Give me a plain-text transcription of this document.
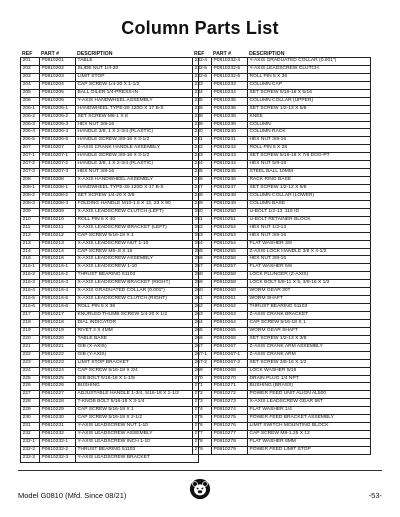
Column Parts List
REF	PART #	DESCRIPTION
201	P0810201	TABLE
202	P0810202	SLIDE NUT 1/4-20
203	P0810203	LIMIT STOP
204	P0810204	CAP SCREW 1/4-20 X 1-1/2
205	P0810205	BALL OILER 1/4-PRESS-IN
206	P0810206	Y-AXIS HANDWHEEL ASSEMBLY
206-1	P0810206-1	HANDWHEEL TYPE-26 120D X 17 B-S
206-2	P0810206-2	SET SCREW M6-1 X 8
206-3	P0810206-3	HEX NUT 3/8-16
206-4	P0810206-4	HANDLE 3/8, 1 X 2-3/4 (PLASTIC)
206-5	P0810206-5	HANDLE SCREW 3/8-16 X 3-1/2
207	P0810207	Z-AXIS CRANK HANDLE ASSEMBLY
207-1	P0810207-1	HANDLE SCREW 3/8-16 X 3-1/2
207-2	P0810207-2	HANDLE 3/8, 1 X 2-3/4 (PLASTIC)
207-3	P0810207-3	HEX NUT 3/8-16
208	P0810208	X-AXIS HANDWHEEL ASSEMBLY
208-1	P0810208-1	HANDWHEEL TYPE-26 120D X 17 B-S
208-2	P0810208-2	SET SCREW 1/4-20 X 3/8
208-3	P0810208-3	FOLDING HANDLE M10-1.5 X 12, 23 X 90
209	P0810209	X-AXIS LEADSCREW CLUTCH (LEFT)
210	P0810210	ROLL PIN 5 X 40
211	P0810211	X-AXIS LEADSCREW BRACKET (LEFT)
212	P0810212	CAP SCREW 5/16-18 X 1
213	P0810213	X-AXIS LEADSCREW NUT 1-10
214	P0810214	CAP SCREW M5-.8 X 16
216	P0810216	X-AXIS LEADSCREW ASSEMBLY
216-1	P0810216-1	X-AXIS LEADSCREW 1-10
216-2	P0810216-2	THRUST BEARING 51103
216-3	P0810216-3	X-AXIS LEADSCREW BRACKET (RIGHT)
216-4	P0810216-4	X-AXIS GRADUATED COLLAR (0.001")
216-5	P0810216-5	X-AXIS LEADSCREW CLUTCH (RIGHT)
216-6	P0810216-6	ROLL PIN 5 X 36
217	P0810217	KNURLED THUMB SCREW 1/4-20 X 1/2
218	P0810218	DIAL INDICATOR
219	P0810219	RIVET 2 X 4MM
220	P0810220	TABLE BASE
221	P0810221	GIB (X-AXIS)
222	P0810222	GIB (Y-AXIS)
223	P0810223	LIMIT STOP BRACKET
224	P0810224	CAP SCREW 5/16-18 X 3/4
225	P0810225	GIB BOLT 5/16-18 X 1-1/8
226	P0810226	BUSHING
227	P0810227	ADJUSTABLE HANDLE 1-3/4, 5/16-18 X 1-1/2
228	P0810228	T-KNOB BOLT 5/16-18 X 3-1/4
229	P0810229	CAP SCREW 5/16-18 X 1
230	P0810230	CAP SCREW 5/16-18 X 2-1/2
231	P0810231	Y-AXIS LEADSCREW NUT 1-10
232	P0810232	Y-AXIS LEADSCREW ASSEMBLY
232-1	P0810232-1	Y-AXIS LEADSCREW INCH 1-10
232-2	P0810232-2	THRUST BEARING 51103
232-3	P0810232-3	Y-AXIS LEADSCREW BRACKET
REF	PART #	DESCRIPTION
232-4	P0810232-4	Y-AXIS GRADUATED COLLAR (0.001")
232-5	P0810232-5	Y-AXIS LEADSCREW CLUTCH
232-6	P0810232-6	ROLL PIN 5 X 36
233	P0810233	COLUMN CAP
234	P0810234	SET SCREW 5/16-18 X 5/16
235	P0810235	COLUMN COLLAR (UPPER)
236	P0810236	SET SCREW 1/2-13 X 5/8
238	P0810238	KNEE
239	P0810239	COLUMN
240	P0810240	COLUMN RACK
241	P0810241	HEX NUT 3/8-16
242	P0810242	ROLL PIN 5 X 28
243	P0810243	SET SCREW 5/16-18 X 7/8 DOG-PT
244	P0810244	HEX NUT 5/8-18
245	P0810245	STEEL BALL 10MM
246	P0810246	RACK RING BASE
247	P0810247	SET SCREW 1/2-12 X 5/8
248	P0810248	COLUMN COLLAR (LOWER)
249	P0810249	COLUMN BASE
250	P0810250	U-BOLT 1/2-13, 116 ID
251	P0810251	U-BOLT RETAINER BLOCK
252	P0810252	HEX NUT 1/2-13
253	P0810253	HEX NUT 3/8-16
254	P0810254	FLAT WASHER 3/8
255	P0810255	Z-AXIS LOCK HANDLE 3/8 X 4-1/2
256	P0810256	HEX NUT 3/8-16
257	P0810257	FLAT WASHER 5/8
258	P0810258	LOCK PLUNGER (Z-AXIS)
259	P0810259	LOCK BOLT 5/8-11 X 5, 3/8-16 X 1/2
260	P0810260	WORM GEAR 30T
261	P0810261	WORM SHAFT
262	P0810262	THRUST BEARING 51103
263	P0810263	Z-AXIS CRANK BRACKET
264	P0810264	CAP SCREW 5/16-18 X 1
265	P0810265	WORM GEAR SHAFT
266	P0810266	SET SCREW 1/2-13 X 3/8
267	P0810267	Z-AXIS CRANK ARM ASSEMBLY
267-1	P0810267-1	Z-AXIS CRANK ARM
267-2	P0810267-2	SET SCREW 3/8-16 X 1/2
269	P0810269	LOCK WASHER 5/16
270	P0810270	DRAIN PLUG 1/4 NPT
271	P0810271	BUSHING (BRASS)
272	P0810272	POWER FEED UNIT ALIGN AL500
273	P0810273	X-AXIS LEADSCREW GEAR 56T
274	P0810274	FLAT WASHER 1/4
275	P0810275	POWER FEED BRACKET ASSEMBLY
276	P0810276	LIMIT SWITCH MOUNTING BLOCK
277	P0810277	CAP SCREW M8-1.25 X 12
278	P0810278	FLAT WASHER 8MM
279	P0810279	POWER FEED LIMIT STOP
Model G0810 (Mfd. Since 08/21)	-53-
